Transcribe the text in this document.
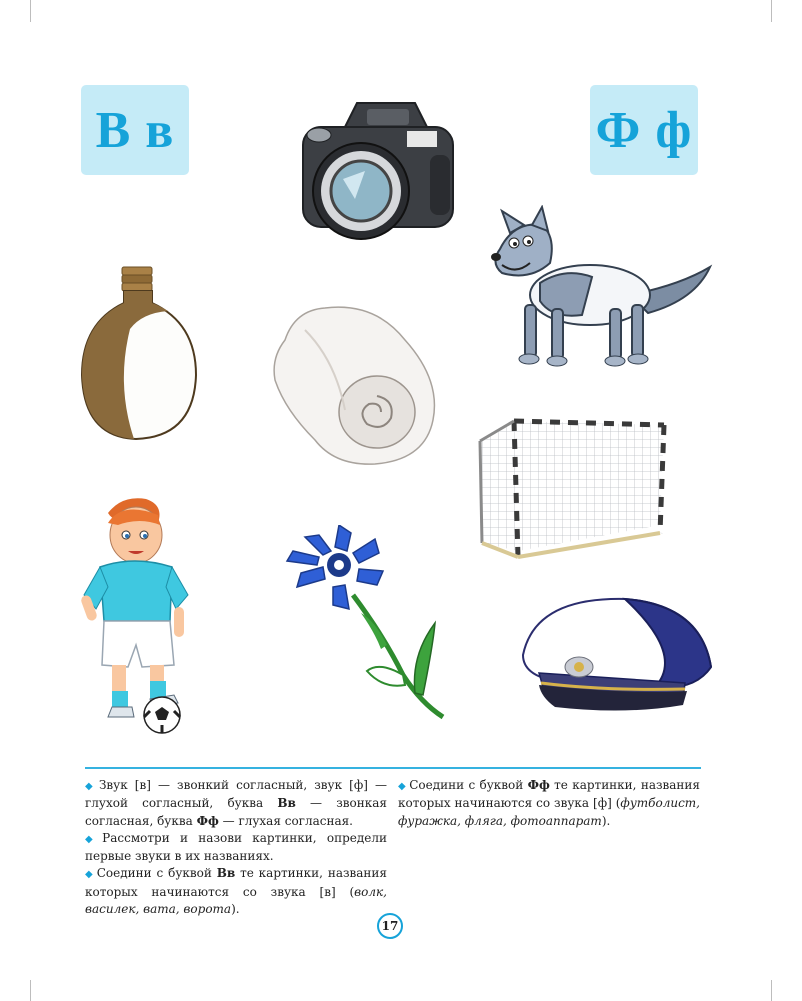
В в	Ф ф

◆ Звук [в] — звонкий согласный, звук [ф] — глухой согласный, буква Вв — звонкая согласная, буква Фф — глухая согласная.

◆ Рассмотри и назови картинки, определи первые звуки в их названиях.

◆ Соедини с буквой Вв те картинки, названия которых начинаются со звука [в] (волк, василек, вата, ворота).

◆ Соедини с буквой Фф те картинки, названия которых начинаются со звука [ф] (футболист, фуражка, фляга, фотоаппарат).

17
